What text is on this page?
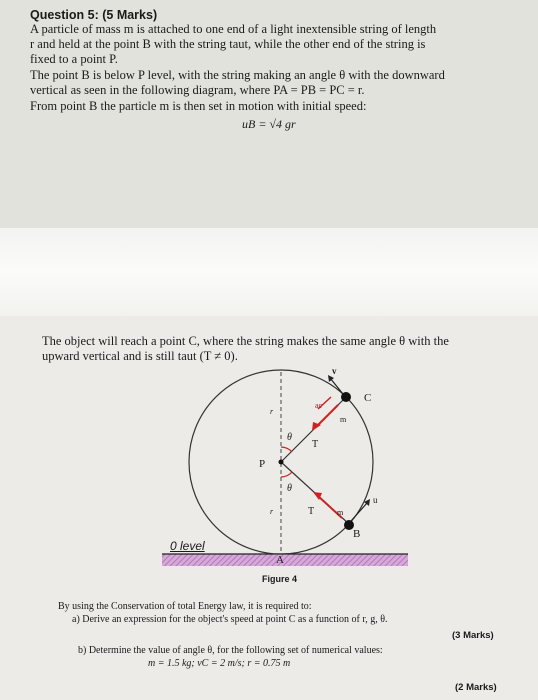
Question 5: (5 Marks)
A particle of mass m is attached to one end of a light inextensible string of length
r and held at the point B with the string taut, while the other end of the string is
fixed to a point P.
The point B is below P level, with the string making an angle θ with the downward
vertical as seen in the following diagram, where PA = PB = PC = r.
From point B the particle m is then set in motion with initial speed:
uB = √4 gr
The object will reach a point C, where the string makes the same angle θ with the
upward vertical and is still taut (T ≠ 0).
P
A
B
C
θ
θ
T
T
m
m
r
r
v
u
ac
0 level
Figure 4
By using the Conservation of total Energy law, it is required to:
a) Derive an expression for the object's speed at point C as a function of r, g, θ.
(3 Marks)
b) Determine the value of angle θ, for the following set of numerical values:
m = 1.5 kg; vC = 2 m/s; r = 0.75 m
(2 Marks)
